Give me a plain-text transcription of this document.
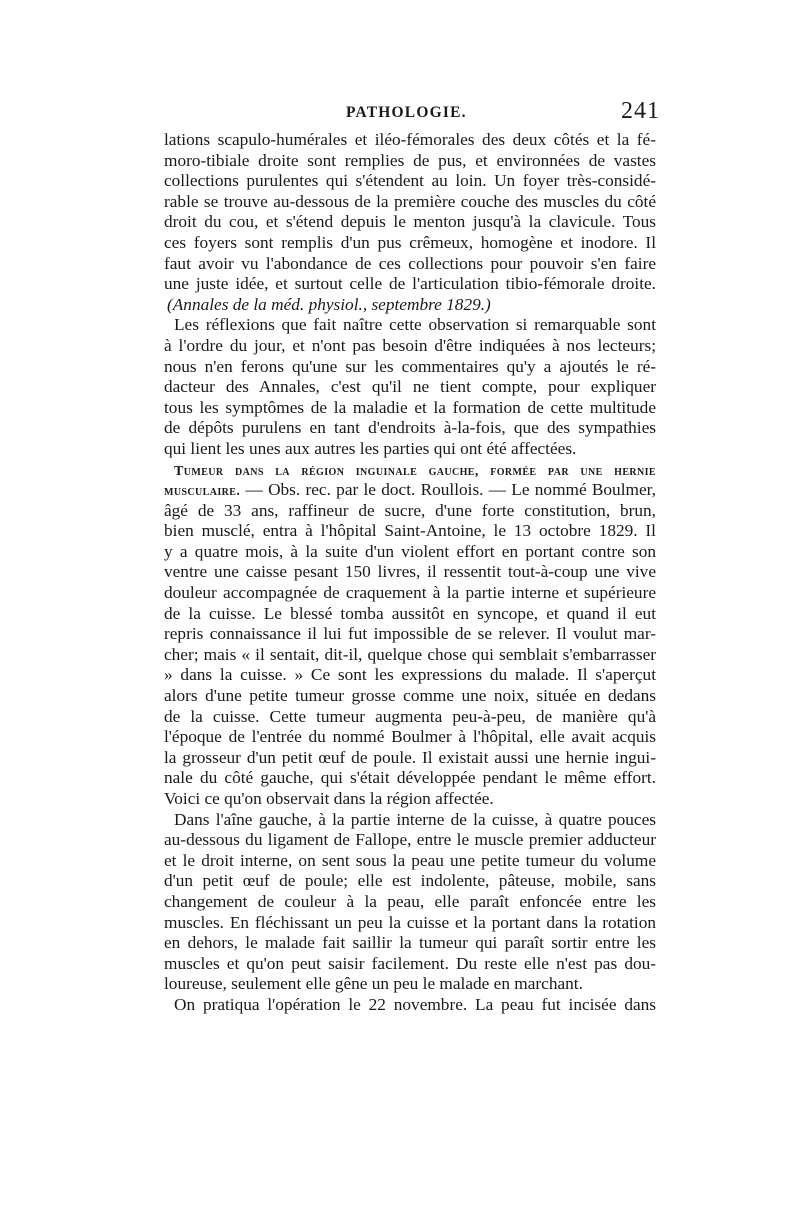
PATHOLOGIE.	241
lations scapulo-humérales et iléo-fémorales des deux côtés et la fé-
moro-tibiale droite sont remplies de pus, et environnées de vastes
collections purulentes qui s'étendent au loin. Un foyer très-considé-
rable se trouve au-dessous de la première couche des muscles du côté
droit du cou, et s'étend depuis le menton jusqu'à la clavicule. Tous
ces foyers sont remplis d'un pus crêmeux, homogène et inodore. Il
faut avoir vu l'abondance de ces collections pour pouvoir s'en faire
une juste idée, et surtout celle de l'articulation tibio-fémorale droite.
(Annales de la méd. physiol., septembre 1829.)
Les réflexions que fait naître cette observation si remarquable sont
à l'ordre du jour, et n'ont pas besoin d'être indiquées à nos lecteurs;
nous n'en ferons qu'une sur les commentaires qu'y a ajoutés le ré-
dacteur des Annales, c'est qu'il ne tient compte, pour expliquer
tous les symptômes de la maladie et la formation de cette multitude
de dépôts purulens en tant d'endroits à-la-fois, que des sympathies
qui lient les unes aux autres les parties qui ont été affectées.
Tumeur dans la région inguinale gauche, formée par une hernie
musculaire. — Obs. rec. par le doct. Roullois. — Le nommé Boulmer,
âgé de 33 ans, raffineur de sucre, d'une forte constitution, brun,
bien musclé, entra à l'hôpital Saint-Antoine, le 13 octobre 1829. Il
y a quatre mois, à la suite d'un violent effort en portant contre son
ventre une caisse pesant 150 livres, il ressentit tout-à-coup une vive
douleur accompagnée de craquement à la partie interne et supérieure
de la cuisse. Le blessé tomba aussitôt en syncope, et quand il eut
repris connaissance il lui fut impossible de se relever. Il voulut mar-
cher; mais « il sentait, dit-il, quelque chose qui semblait s'embarrasser
» dans la cuisse. » Ce sont les expressions du malade. Il s'aperçut
alors d'une petite tumeur grosse comme une noix, située en dedans
de la cuisse. Cette tumeur augmenta peu-à-peu, de manière qu'à
l'époque de l'entrée du nommé Boulmer à l'hôpital, elle avait acquis
la grosseur d'un petit œuf de poule. Il existait aussi une hernie ingui-
nale du côté gauche, qui s'était développée pendant le même effort.
Voici ce qu'on observait dans la région affectée.
Dans l'aîne gauche, à la partie interne de la cuisse, à quatre pouces
au-dessous du ligament de Fallope, entre le muscle premier adducteur
et le droit interne, on sent sous la peau une petite tumeur du volume
d'un petit œuf de poule; elle est indolente, pâteuse, mobile, sans
changement de couleur à la peau, elle paraît enfoncée entre les
muscles. En fléchissant un peu la cuisse et la portant dans la rotation
en dehors, le malade fait saillir la tumeur qui paraît sortir entre les
muscles et qu'on peut saisir facilement. Du reste elle n'est pas dou-
loureuse, seulement elle gêne un peu le malade en marchant.
On pratiqua l'opération le 22 novembre. La peau fut incisée dans
